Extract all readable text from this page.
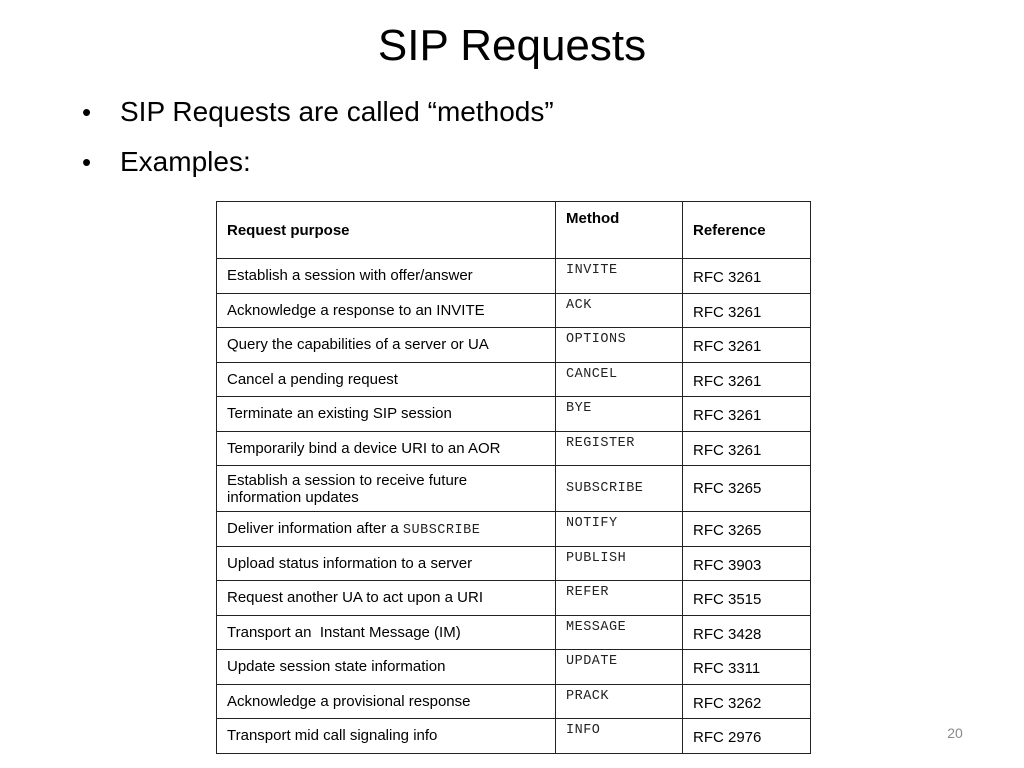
SIP Requests
• SIP Requests are called “methods”
• Examples:
Request purpose	Method	Reference
Establish a session with offer/answer	INVITE	RFC 3261
Acknowledge a response to an INVITE	ACK	RFC 3261
Query the capabilities of a server or UA	OPTIONS	RFC 3261
Cancel a pending request	CANCEL	RFC 3261
Terminate an existing SIP session	BYE	RFC 3261
Temporarily bind a device URI to an AOR	REGISTER	RFC 3261
Establish a session to receive future
information updates	SUBSCRIBE	RFC 3265
Deliver information after a SUBSCRIBE	NOTIFY	RFC 3265
Upload status information to a server	PUBLISH	RFC 3903
Request another UA to act upon a URI	REFER	RFC 3515
Transport an  Instant Message (IM)	MESSAGE	RFC 3428
Update session state information	UPDATE	RFC 3311
Acknowledge a provisional response	PRACK	RFC 3262
Transport mid call signaling info	INFO	RFC 2976	20
